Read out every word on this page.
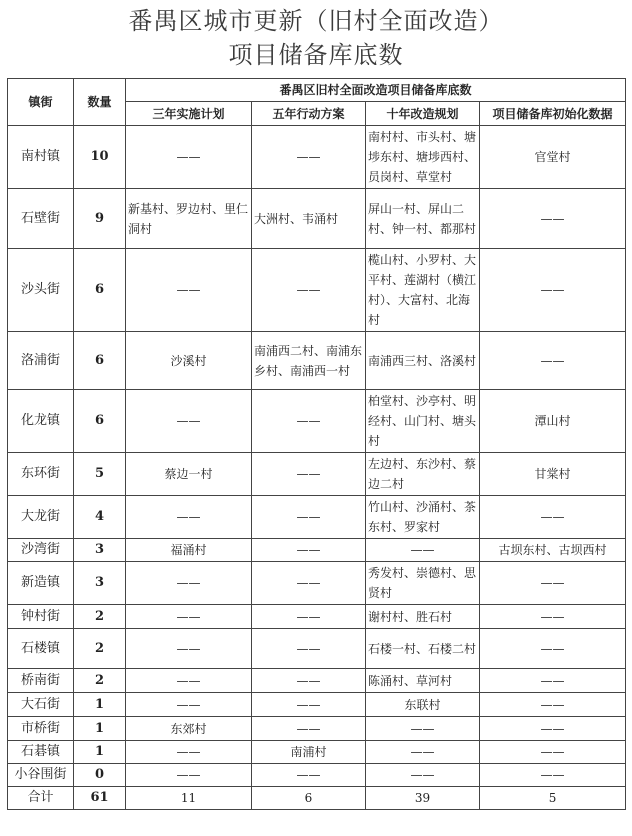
番禺区城市更新（旧村全面改造）
项目储备库底数
镇街	数量	番禺区旧村全面改造项目储备库底数			
		三年实施计划	五年行动方案	十年改造规划	项目储备库初始化数据
南村镇	10	——	——	南村村、市头村、塘埗东村、塘埗西村、员岗村、草堂村	官堂村
石壁街	9	新基村、罗边村、里仁洞村	大洲村、韦涌村	屏山一村、屏山二村、钟一村、都那村	——
沙头街	6	——	——	榄山村、小罗村、大平村、莲湖村（横江村）、大富村、北海村	——
洛浦街	6	沙溪村	南浦西二村、南浦东乡村、南浦西一村	南浦西三村、洛溪村	——
化龙镇	6	——	——	柏堂村、沙亭村、明经村、山门村、塘头村	潭山村
东环街	5	蔡边一村	——	左边村、东沙村、蔡边二村	甘棠村
大龙街	4	——	——	竹山村、沙涌村、茶东村、罗家村	——
沙湾街	3	福涌村	——	——	古坝东村、古坝西村
新造镇	3	——	——	秀发村、崇德村、思贤村	——
钟村街	2	——	——	谢村村、胜石村	——
石楼镇	2	——	——	石楼一村、石楼二村	——
桥南街	2	——	——	陈涌村、草河村	——
大石街	1	——	——	东联村	——
市桥街	1	东郊村	——	——	——
石碁镇	1	——	南浦村	——	——
小谷围街	0	——	——	——	——
合计	61	11	6	39	5
